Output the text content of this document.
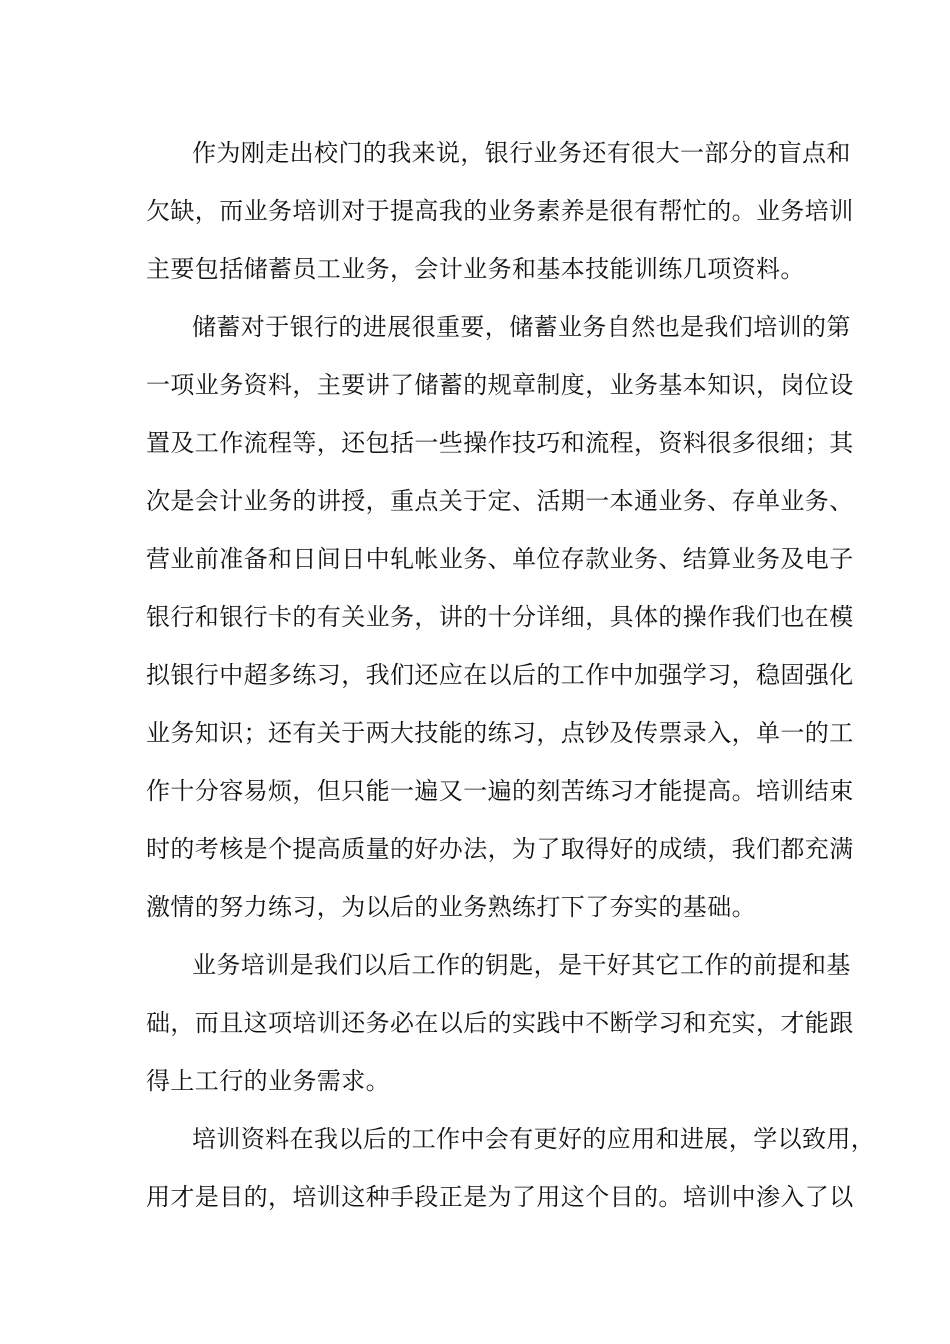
作为刚走出校门的我来说，银行业务还有很大一部分的盲点和
欠缺，而业务培训对于提高我的业务素养是很有帮忙的。业务培训
主要包括储蓄员工业务，会计业务和基本技能训练几项资料。
储蓄对于银行的进展很重要，储蓄业务自然也是我们培训的第
一项业务资料，主要讲了储蓄的规章制度，业务基本知识，岗位设
置及工作流程等，还包括一些操作技巧和流程，资料很多很细；其
次是会计业务的讲授，重点关于定、活期一本通业务、存单业务、
营业前准备和日间日中轧帐业务、单位存款业务、结算业务及电子
银行和银行卡的有关业务，讲的十分详细，具体的操作我们也在模
拟银行中超多练习，我们还应在以后的工作中加强学习，稳固强化
业务知识；还有关于两大技能的练习，点钞及传票录入，单一的工
作十分容易烦，但只能一遍又一遍的刻苦练习才能提高。培训结束
时的考核是个提高质量的好办法，为了取得好的成绩，我们都充满
激情的努力练习，为以后的业务熟练打下了夯实的基础。
业务培训是我们以后工作的钥匙，是干好其它工作的前提和基
础，而且这项培训还务必在以后的实践中不断学习和充实，才能跟
得上工行的业务需求。
培训资料在我以后的工作中会有更好的应用和进展，学以致用，
用才是目的，培训这种手段正是为了用这个目的。培训中渗入了以
